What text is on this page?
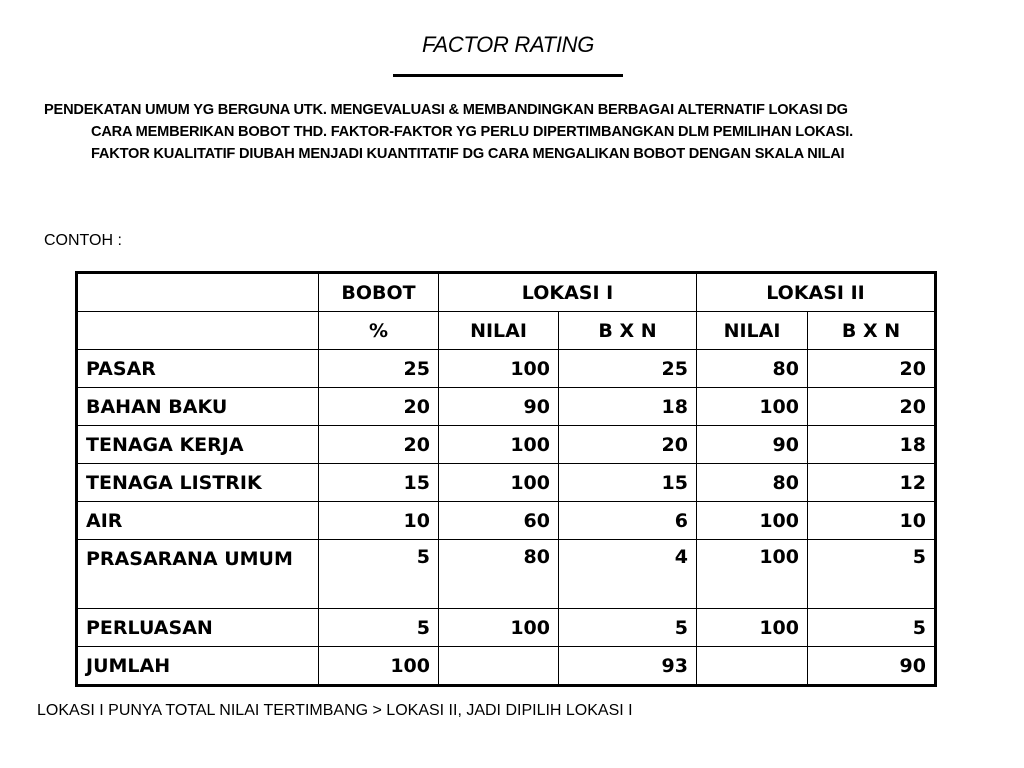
FACTOR RATING
PENDEKATAN UMUM YG BERGUNA UTK. MENGEVALUASI & MEMBANDINGKAN BERBAGAI ALTERNATIF LOKASI DG
CARA MEMBERIKAN BOBOT THD. FAKTOR-FAKTOR YG PERLU DIPERTIMBANGKAN DLM PEMILIHAN LOKASI.
FAKTOR KUALITATIF DIUBAH MENJADI KUANTITATIF DG CARA MENGALIKAN BOBOT DENGAN SKALA NILAI
CONTOH :
	BOBOT	LOKASI I		LOKASI II	
	%	NILAI	B X N	NILAI	B X N
PASAR	25	100	25	80	20
BAHAN BAKU	20	90	18	100	20
TENAGA KERJA	20	100	20	90	18
TENAGA LISTRIK	15	100	15	80	12
AIR	10	60	6	100	10
PRASARANA UMUM	5	80	4	100	5
PERLUASAN	5	100	5	100	5
JUMLAH	100		93		90
LOKASI I PUNYA TOTAL NILAI TERTIMBANG > LOKASI II, JADI DIPILIH LOKASI I
